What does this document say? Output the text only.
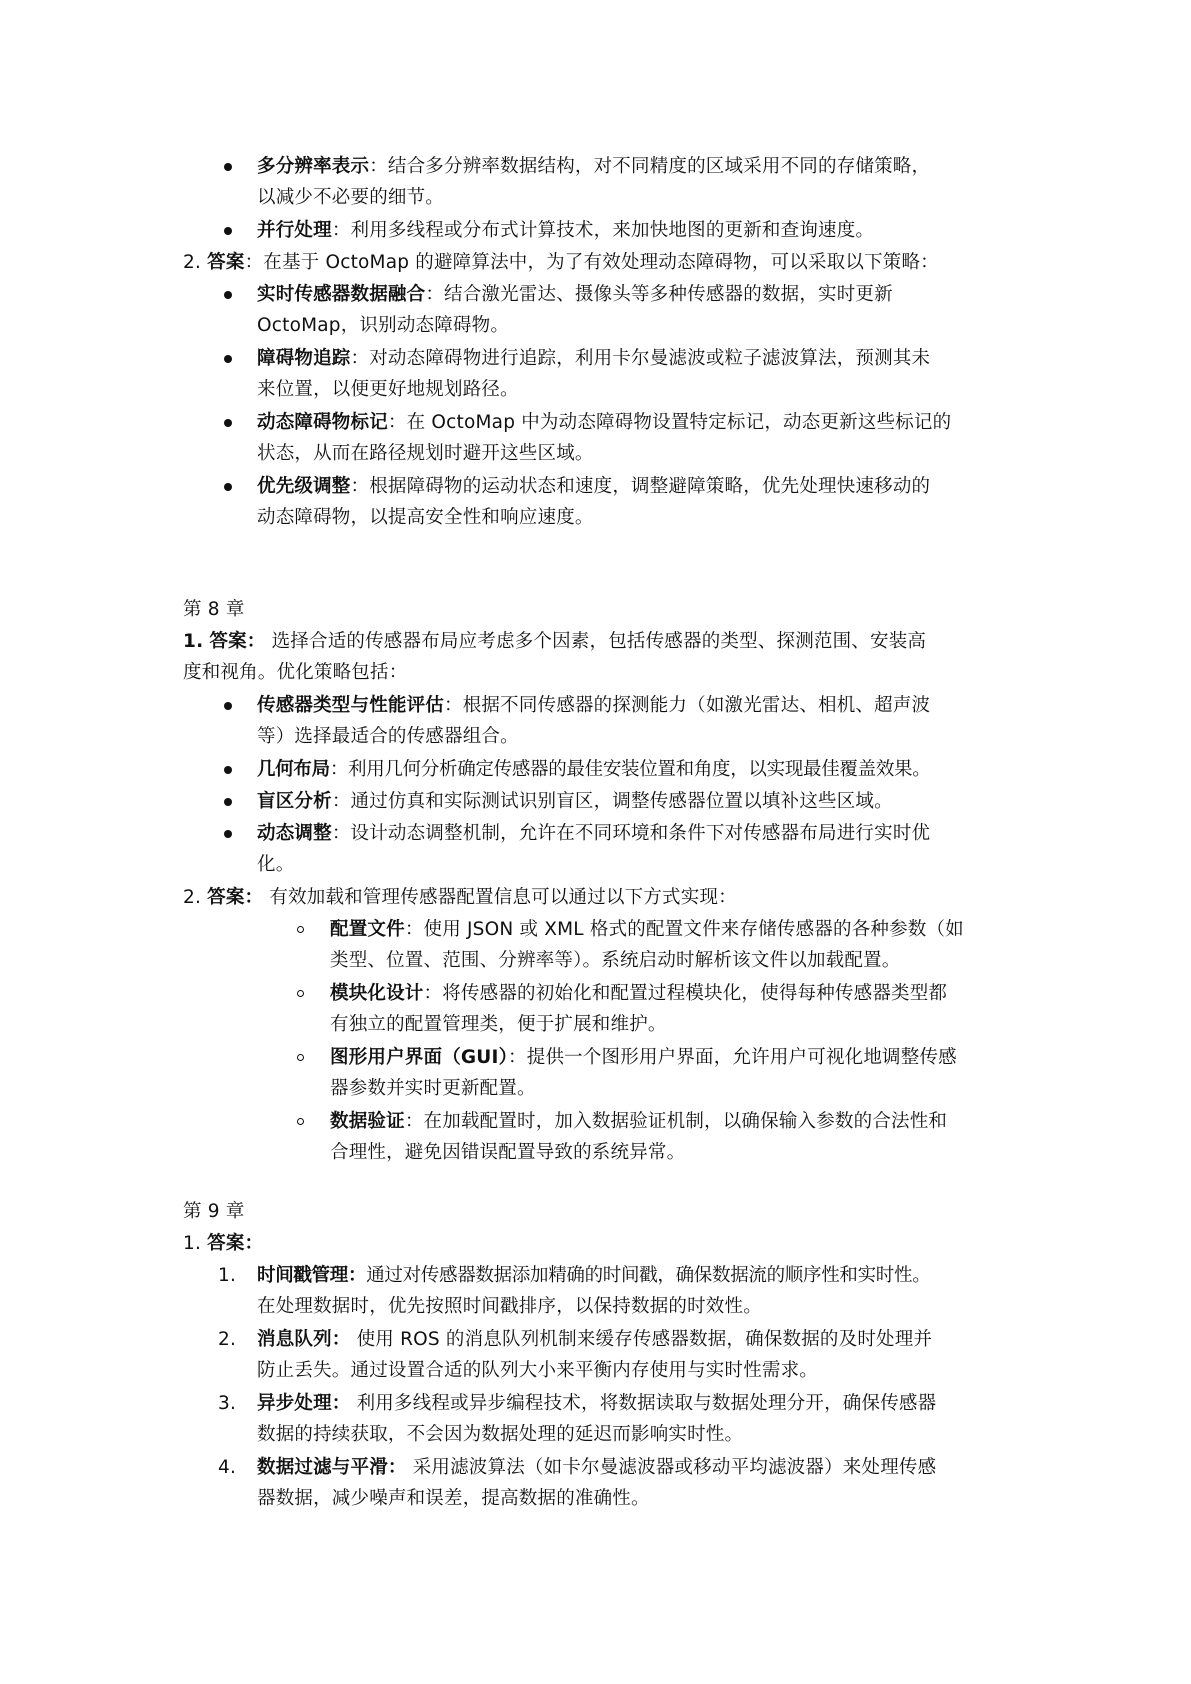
多分辨率表示：结合多分辨率数据结构，对不同精度的区域采用不同的存储策略，
以减少不必要的细节。
并行处理：利用多线程或分布式计算技术，来加快地图的更新和查询速度。
2. 答案：在基于 OctoMap 的避障算法中，为了有效处理动态障碍物，可以采取以下策略：
实时传感器数据融合：结合激光雷达、摄像头等多种传感器的数据，实时更新
OctoMap，识别动态障碍物。
障碍物追踪：对动态障碍物进行追踪，利用卡尔曼滤波或粒子滤波算法，预测其未
来位置，以便更好地规划路径。
动态障碍物标记：在 OctoMap 中为动态障碍物设置特定标记，动态更新这些标记的
状态，从而在路径规划时避开这些区域。
优先级调整：根据障碍物的运动状态和速度，调整避障策略，优先处理快速移动的
动态障碍物，以提高安全性和响应速度。
第 8 章
1. 答案： 选择合适的传感器布局应考虑多个因素，包括传感器的类型、探测范围、安装高
度和视角。优化策略包括：
传感器类型与性能评估：根据不同传感器的探测能力（如激光雷达、相机、超声波
等）选择最适合的传感器组合。
几何布局：利用几何分析确定传感器的最佳安装位置和角度，以实现最佳覆盖效果。
盲区分析：通过仿真和实际测试识别盲区，调整传感器位置以填补这些区域。
动态调整：设计动态调整机制，允许在不同环境和条件下对传感器布局进行实时优
化。
2. 答案： 有效加载和管理传感器配置信息可以通过以下方式实现：
配置文件：使用 JSON 或 XML 格式的配置文件来存储传感器的各种参数（如
类型、位置、范围、分辨率等）。系统启动时解析该文件以加载配置。
模块化设计：将传感器的初始化和配置过程模块化，使得每种传感器类型都
有独立的配置管理类，便于扩展和维护。
图形用户界面（GUI）：提供一个图形用户界面，允许用户可视化地调整传感
器参数并实时更新配置。
数据验证：在加载配置时，加入数据验证机制，以确保输入参数的合法性和
合理性，避免因错误配置导致的系统异常。
第 9 章
1. 答案：
1. 时间戳管理：通过对传感器数据添加精确的时间戳，确保数据流的顺序性和实时性。
在处理数据时，优先按照时间戳排序，以保持数据的时效性。
2. 消息队列： 使用 ROS 的消息队列机制来缓存传感器数据，确保数据的及时处理并
防止丢失。通过设置合适的队列大小来平衡内存使用与实时性需求。
3. 异步处理： 利用多线程或异步编程技术，将数据读取与数据处理分开，确保传感器
数据的持续获取，不会因为数据处理的延迟而影响实时性。
4. 数据过滤与平滑： 采用滤波算法（如卡尔曼滤波器或移动平均滤波器）来处理传感
器数据，减少噪声和误差，提高数据的准确性。
